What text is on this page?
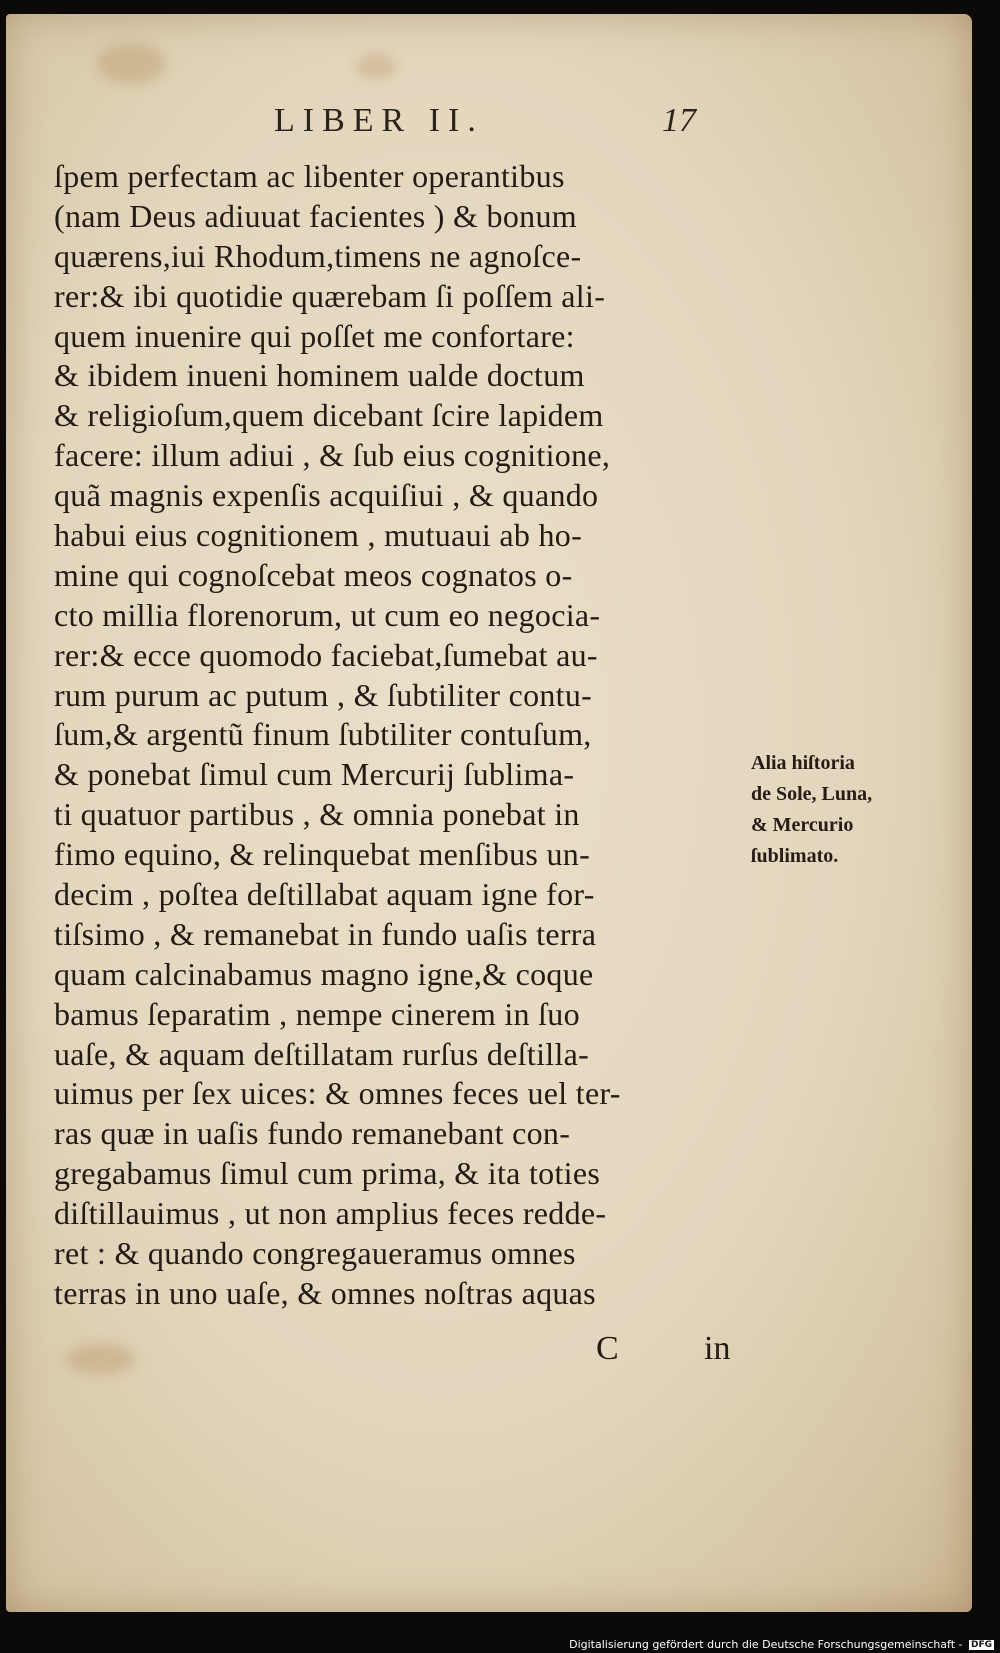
LIBER II.	17
ſpem perfectam ac libenter operantibus
(nam Deus adiuuat facientes ) & bonum
quærens,iui Rhodum,timens ne agnoſce-
rer:& ibi quotidie quærebam ſi poſſem ali-
quem inuenire qui poſſet me confortare:
& ibidem inueni hominem ualde doctum
& religioſum,quem dicebant ſcire lapidem
facere: illum adiui , & ſub eius cognitione,
quã magnis expenſis acquiſiui , & quando
habui eius cognitionem , mutuaui ab ho-
mine qui cognoſcebat meos cognatos o-
cto millia florenorum, ut cum eo negocia-
rer:& ecce quomodo faciebat,ſumebat au-
rum purum ac putum , & ſubtiliter contu-
ſum,& argentũ finum ſubtiliter contuſum,
& ponebat ſimul cum Mercurij ſublima-
ti quatuor partibus , & omnia ponebat in
fimo equino, & relinquebat menſibus un-
decim , poſtea deſtillabat aquam igne for-
tiſsimo , & remanebat in fundo uaſis terra
quam calcinabamus magno igne,& coque
bamus ſeparatim , nempe cinerem in ſuo
uaſe, & aquam deſtillatam rurſus deſtilla-
uimus per ſex uices: & omnes feces uel ter-
ras quæ in uaſis fundo remanebant con-
gregabamus ſimul cum prima, & ita toties
diſtillauimus , ut non amplius feces redde-
ret : & quando congregaueramus omnes
terras in uno uaſe, & omnes noſtras aquas
C	in
Alia hiſtoria
de Sole, Luna,
& Mercurio
ſublimato.
Digitalisierung gefördert durch die Deutsche Forschungsgemeinschaft - DFG
